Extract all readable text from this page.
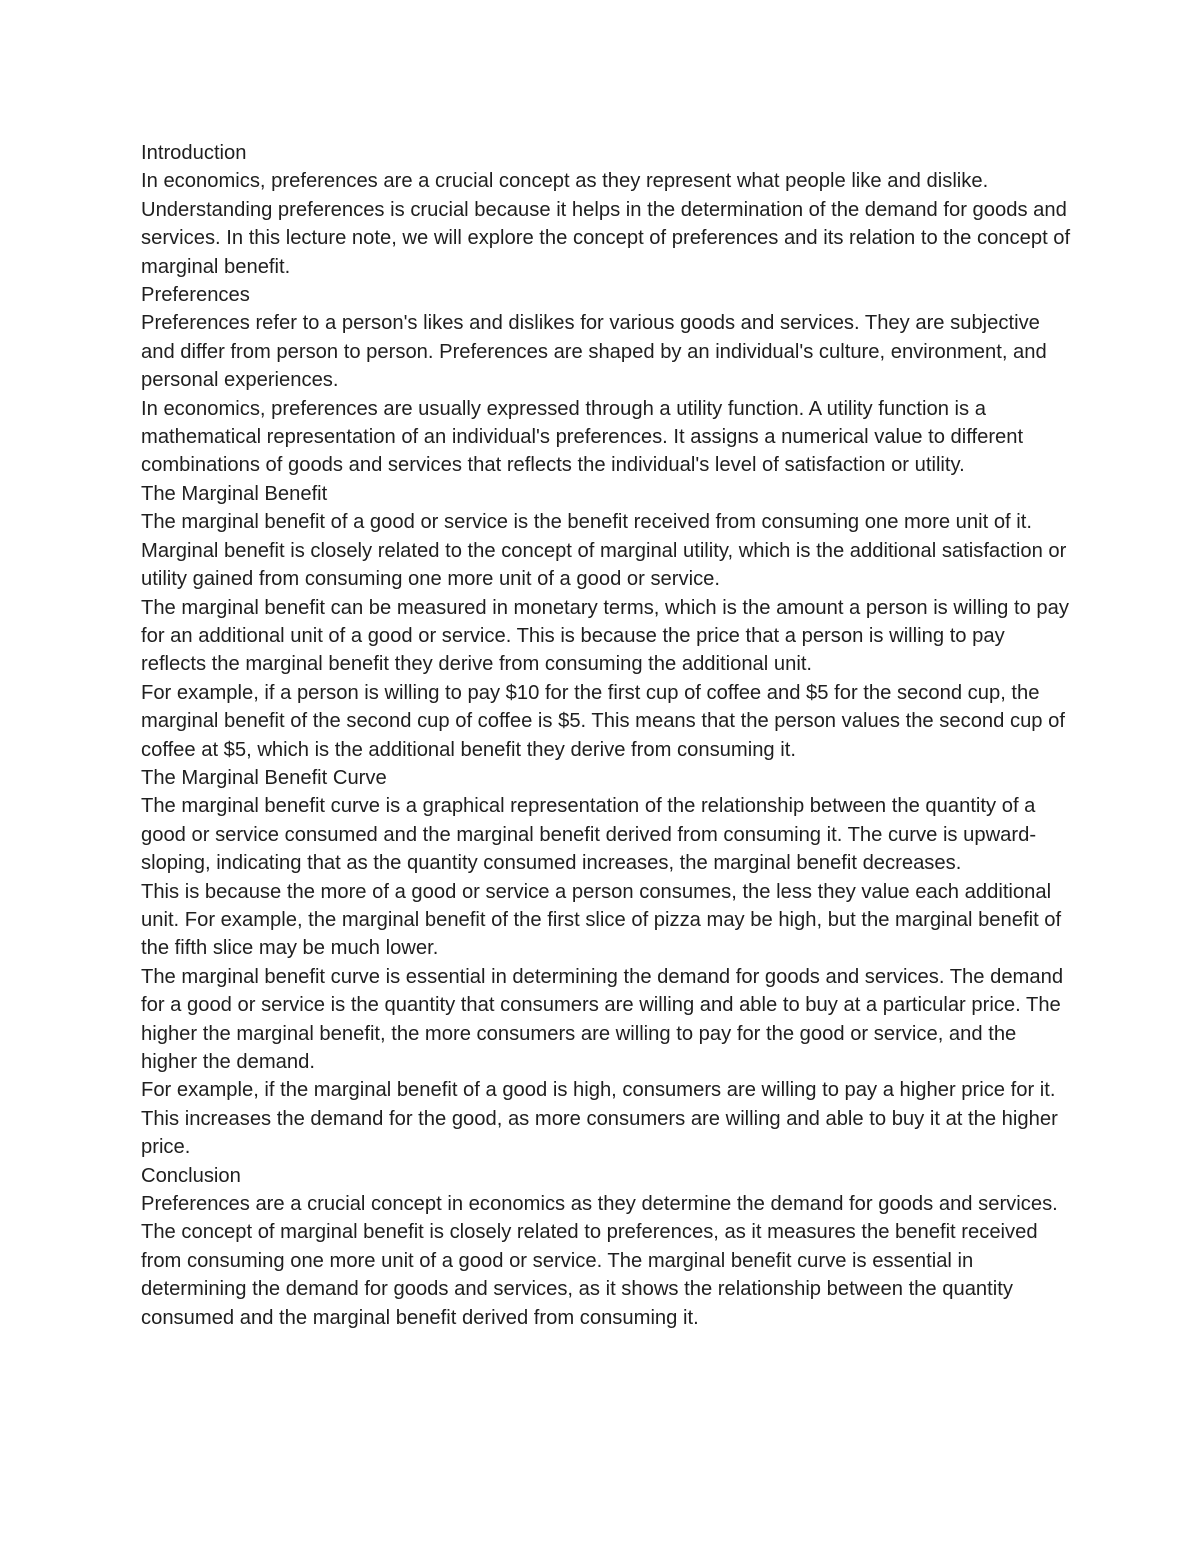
Introduction

In economics, preferences are a crucial concept as they represent what people like and dislike. Understanding preferences is crucial because it helps in the determination of the demand for goods and services. In this lecture note, we will explore the concept of preferences and its relation to the concept of marginal benefit.

Preferences

Preferences refer to a person's likes and dislikes for various goods and services. They are subjective and differ from person to person. Preferences are shaped by an individual's culture, environment, and personal experiences.

In economics, preferences are usually expressed through a utility function. A utility function is a mathematical representation of an individual's preferences. It assigns a numerical value to different combinations of goods and services that reflects the individual's level of satisfaction or utility.

The Marginal Benefit

The marginal benefit of a good or service is the benefit received from consuming one more unit of it. Marginal benefit is closely related to the concept of marginal utility, which is the additional satisfaction or utility gained from consuming one more unit of a good or service.

The marginal benefit can be measured in monetary terms, which is the amount a person is willing to pay for an additional unit of a good or service. This is because the price that a person is willing to pay reflects the marginal benefit they derive from consuming the additional unit.

For example, if a person is willing to pay $10 for the first cup of coffee and $5 for the second cup, the marginal benefit of the second cup of coffee is $5. This means that the person values the second cup of coffee at $5, which is the additional benefit they derive from consuming it.

The Marginal Benefit Curve

The marginal benefit curve is a graphical representation of the relationship between the quantity of a good or service consumed and the marginal benefit derived from consuming it. The curve is upward-sloping, indicating that as the quantity consumed increases, the marginal benefit decreases.

This is because the more of a good or service a person consumes, the less they value each additional unit. For example, the marginal benefit of the first slice of pizza may be high, but the marginal benefit of the fifth slice may be much lower.

The marginal benefit curve is essential in determining the demand for goods and services. The demand for a good or service is the quantity that consumers are willing and able to buy at a particular price. The higher the marginal benefit, the more consumers are willing to pay for the good or service, and the higher the demand.

For example, if the marginal benefit of a good is high, consumers are willing to pay a higher price for it. This increases the demand for the good, as more consumers are willing and able to buy it at the higher price.

Conclusion

Preferences are a crucial concept in economics as they determine the demand for goods and services. The concept of marginal benefit is closely related to preferences, as it measures the benefit received from consuming one more unit of a good or service. The marginal benefit curve is essential in determining the demand for goods and services, as it shows the relationship between the quantity consumed and the marginal benefit derived from consuming it.
